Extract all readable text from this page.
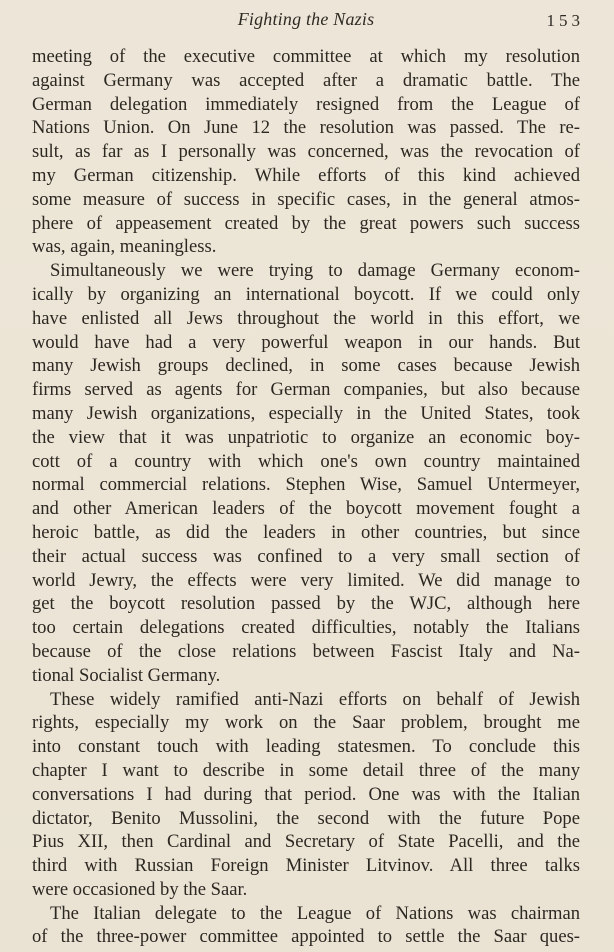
Fighting the Nazis	153
meeting of the executive committee at which my resolution
against Germany was accepted after a dramatic battle. The
German delegation immediately resigned from the League of
Nations Union. On June 12 the resolution was passed. The re-
sult, as far as I personally was concerned, was the revocation of
my German citizenship. While efforts of this kind achieved
some measure of success in specific cases, in the general atmos-
phere of appeasement created by the great powers such success
was, again, meaningless.
Simultaneously we were trying to damage Germany econom-
ically by organizing an international boycott. If we could only
have enlisted all Jews throughout the world in this effort, we
would have had a very powerful weapon in our hands. But
many Jewish groups declined, in some cases because Jewish
firms served as agents for German companies, but also because
many Jewish organizations, especially in the United States, took
the view that it was unpatriotic to organize an economic boy-
cott of a country with which one's own country maintained
normal commercial relations. Stephen Wise, Samuel Untermeyer,
and other American leaders of the boycott movement fought a
heroic battle, as did the leaders in other countries, but since
their actual success was confined to a very small section of
world Jewry, the effects were very limited. We did manage to
get the boycott resolution passed by the WJC, although here
too certain delegations created difficulties, notably the Italians
because of the close relations between Fascist Italy and Na-
tional Socialist Germany.
These widely ramified anti-Nazi efforts on behalf of Jewish
rights, especially my work on the Saar problem, brought me
into constant touch with leading statesmen. To conclude this
chapter I want to describe in some detail three of the many
conversations I had during that period. One was with the Italian
dictator, Benito Mussolini, the second with the future Pope
Pius XII, then Cardinal and Secretary of State Pacelli, and the
third with Russian Foreign Minister Litvinov. All three talks
were occasioned by the Saar.
The Italian delegate to the League of Nations was chairman
of the three-power committee appointed to settle the Saar ques-
